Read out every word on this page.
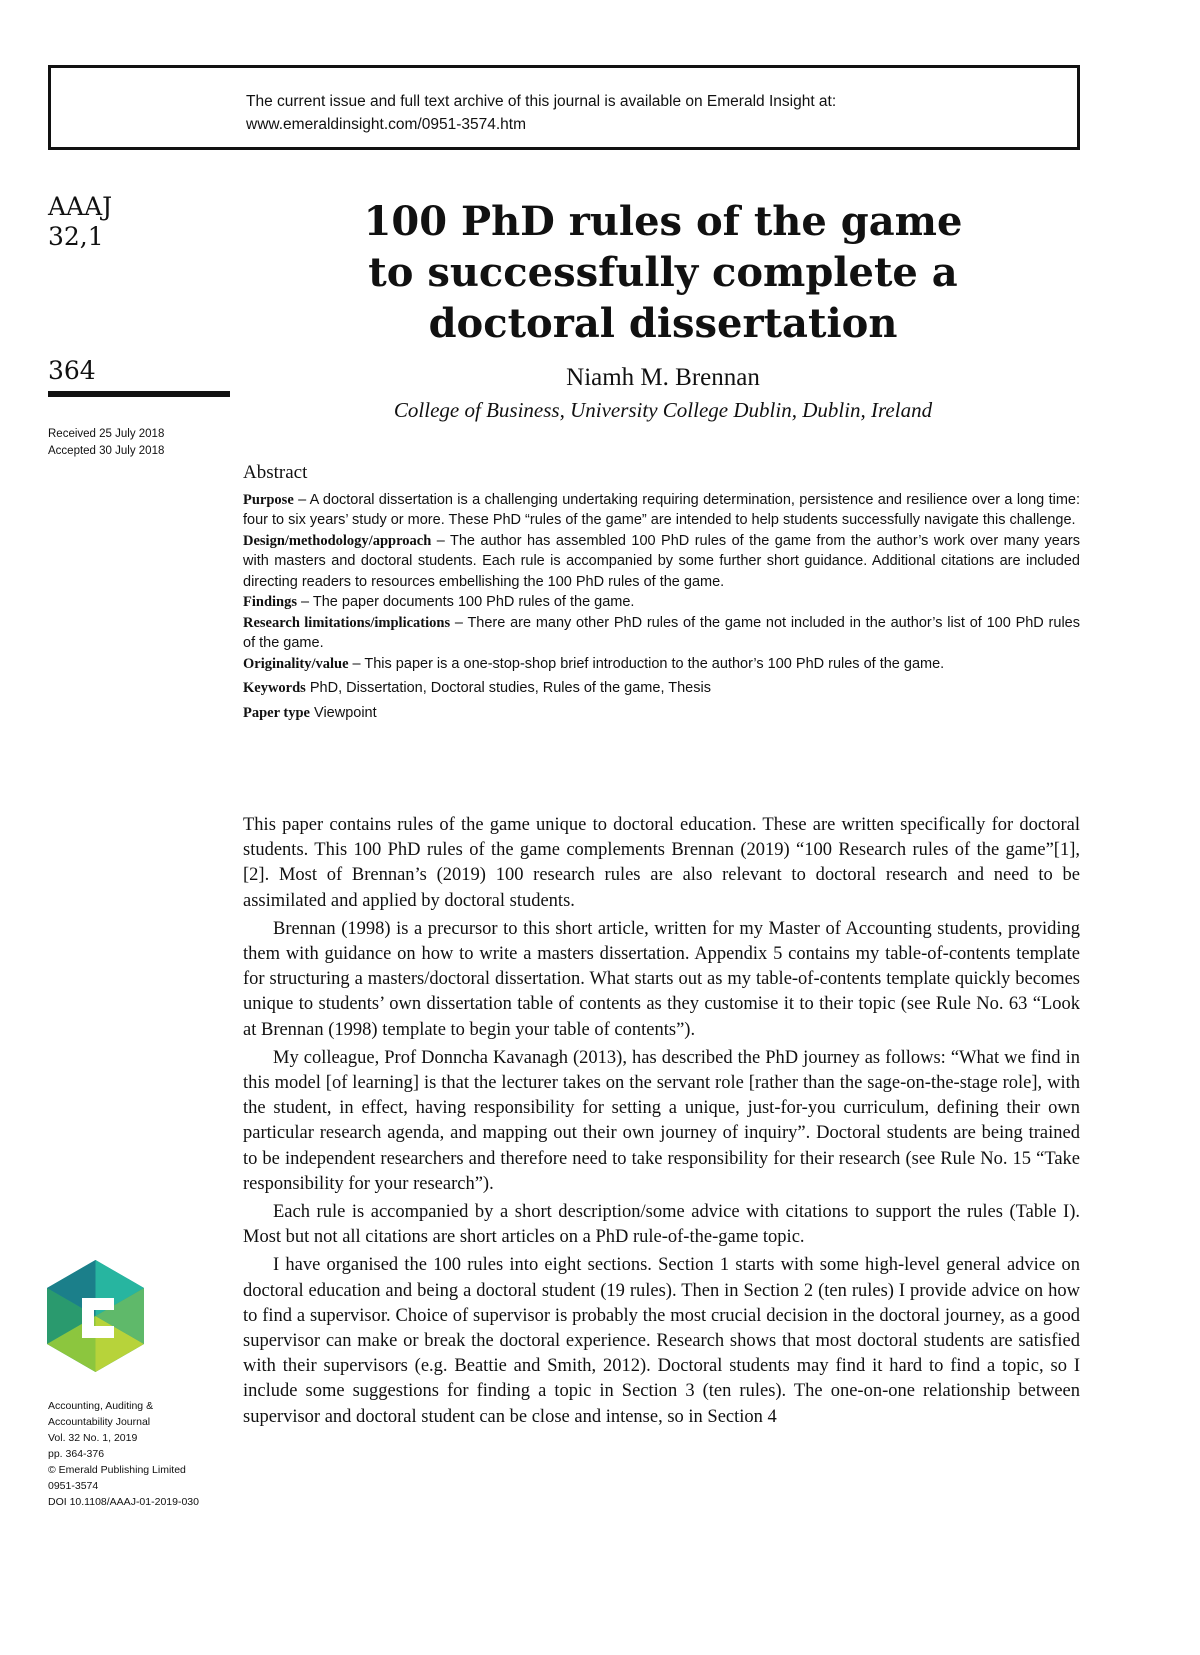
The current issue and full text archive of this journal is available on Emerald Insight at:
www.emeraldinsight.com/0951-3574.htm
AAAJ
32,1
364
Received 25 July 2018
Accepted 30 July 2018
Accounting, Auditing &
Accountability Journal
Vol. 32 No. 1, 2019
pp. 364-376
© Emerald Publishing Limited
0951-3574
DOI 10.1108/AAAJ-01-2019-030
100 PhD rules of the game
to successfully complete a
doctoral dissertation
Niamh M. Brennan
College of Business, University College Dublin, Dublin, Ireland
Abstract

Purpose – A doctoral dissertation is a challenging undertaking requiring determination, persistence and resilience over a long time: four to six years’ study or more. These PhD “rules of the game” are intended to help students successfully navigate this challenge.

Design/methodology/approach – The author has assembled 100 PhD rules of the game from the author’s work over many years with masters and doctoral students. Each rule is accompanied by some further short guidance. Additional citations are included directing readers to resources embellishing the 100 PhD rules of the game.

Findings – The paper documents 100 PhD rules of the game.

Research limitations/implications – There are many other PhD rules of the game not included in the author’s list of 100 PhD rules of the game.

Originality/value – This paper is a one-stop-shop brief introduction to the author’s 100 PhD rules of the game.

Keywords PhD, Dissertation, Doctoral studies, Rules of the game, Thesis

Paper type Viewpoint

This paper contains rules of the game unique to doctoral education. These are written specifically for doctoral students. This 100 PhD rules of the game complements Brennan (2019) “100 Research rules of the game”[1], [2]. Most of Brennan’s (2019) 100 research rules are also relevant to doctoral research and need to be assimilated and applied by doctoral students.

Brennan (1998) is a precursor to this short article, written for my Master of Accounting students, providing them with guidance on how to write a masters dissertation. Appendix 5 contains my table-of-contents template for structuring a masters/doctoral dissertation. What starts out as my table-of-contents template quickly becomes unique to students’ own dissertation table of contents as they customise it to their topic (see Rule No. 63 “Look at Brennan (1998) template to begin your table of contents”).

My colleague, Prof Donncha Kavanagh (2013), has described the PhD journey as follows: “What we find in this model [of learning] is that the lecturer takes on the servant role [rather than the sage-on-the-stage role], with the student, in effect, having responsibility for setting a unique, just-for-you curriculum, defining their own particular research agenda, and mapping out their own journey of inquiry”. Doctoral students are being trained to be independent researchers and therefore need to take responsibility for their research (see Rule No. 15 “Take responsibility for your research”).

Each rule is accompanied by a short description/some advice with citations to support the rules (Table I). Most but not all citations are short articles on a PhD rule-of-the-game topic.

I have organised the 100 rules into eight sections. Section 1 starts with some high-level general advice on doctoral education and being a doctoral student (19 rules). Then in Section 2 (ten rules) I provide advice on how to find a supervisor. Choice of supervisor is probably the most crucial decision in the doctoral journey, as a good supervisor can make or break the doctoral experience. Research shows that most doctoral students are satisfied with their supervisors (e.g. Beattie and Smith, 2012). Doctoral students may find it hard to find a topic, so I include some suggestions for finding a topic in Section 3 (ten rules). The one-on-one relationship between supervisor and doctoral student can be close and intense, so in Section 4
